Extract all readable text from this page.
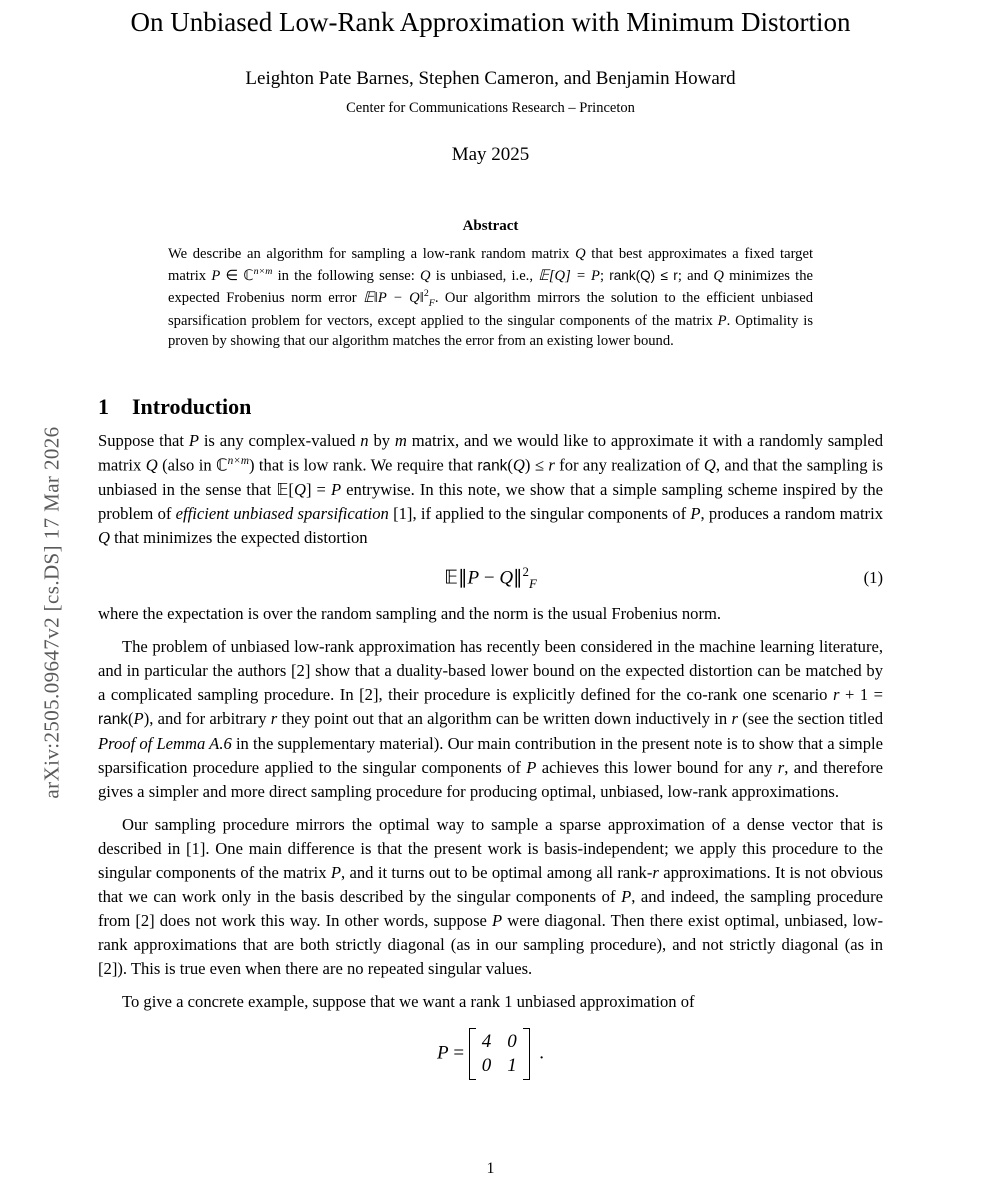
arXiv:2505.09647v2 [cs.DS] 17 Mar 2026
On Unbiased Low-Rank Approximation with Minimum Distortion
Leighton Pate Barnes, Stephen Cameron, and Benjamin Howard
Center for Communications Research – Princeton
May 2025
Abstract
We describe an algorithm for sampling a low-rank random matrix Q that best approximates a fixed target matrix P ∈ ℂ$^{n\times m}$ in the following sense: Q is unbiased, i.e., 𝔼[Q] = P; rank(Q) ≤ r; and Q minimizes the expected Frobenius norm error 𝔼‖P − Q‖$^2_F$. Our algorithm mirrors the solution to the efficient unbiased sparsification problem for vectors, except applied to the singular components of the matrix P. Optimality is proven by showing that our algorithm matches the error from an existing lower bound.
1 Introduction
Suppose that P is any complex-valued n by m matrix, and we would like to approximate it with a randomly sampled matrix Q (also in ℂ$^{n\times m}$) that is low rank. We require that rank(Q) ≤ r for any realization of Q, and that the sampling is unbiased in the sense that 𝔼[Q] = P entrywise. In this note, we show that a simple sampling scheme inspired by the problem of efficient unbiased sparsification [1], if applied to the singular components of P, produces a random matrix Q that minimizes the expected distortion
𝔼∥P − Q∥$^2_F$	(1)
where the expectation is over the random sampling and the norm is the usual Frobenius norm.
The problem of unbiased low-rank approximation has recently been considered in the machine learning literature, and in particular the authors [2] show that a duality-based lower bound on the expected distortion can be matched by a complicated sampling procedure. In [2], their procedure is explicitly defined for the co-rank one scenario r + 1 = rank(P), and for arbitrary r they point out that an algorithm can be written down inductively in r (see the section titled Proof of Lemma A.6 in the supplementary material). Our main contribution in the present note is to show that a simple sparsification procedure applied to the singular components of P achieves this lower bound for any r, and therefore gives a simpler and more direct sampling procedure for producing optimal, unbiased, low-rank approximations.
Our sampling procedure mirrors the optimal way to sample a sparse approximation of a dense vector that is described in [1]. One main difference is that the present work is basis-independent; we apply this procedure to the singular components of the matrix P, and it turns out to be optimal among all rank-r approximations. It is not obvious that we can work only in the basis described by the singular components of P, and indeed, the sampling procedure from [2] does not work this way. In other words, suppose P were diagonal. Then there exist optimal, unbiased, low-rank approximations that are both strictly diagonal (as in our sampling procedure), and not strictly diagonal (as in [2]). This is true even when there are no repeated singular values.
To give a concrete example, suppose that we want a rank 1 unbiased approximation of
P =
4 0
0 1
.
1
